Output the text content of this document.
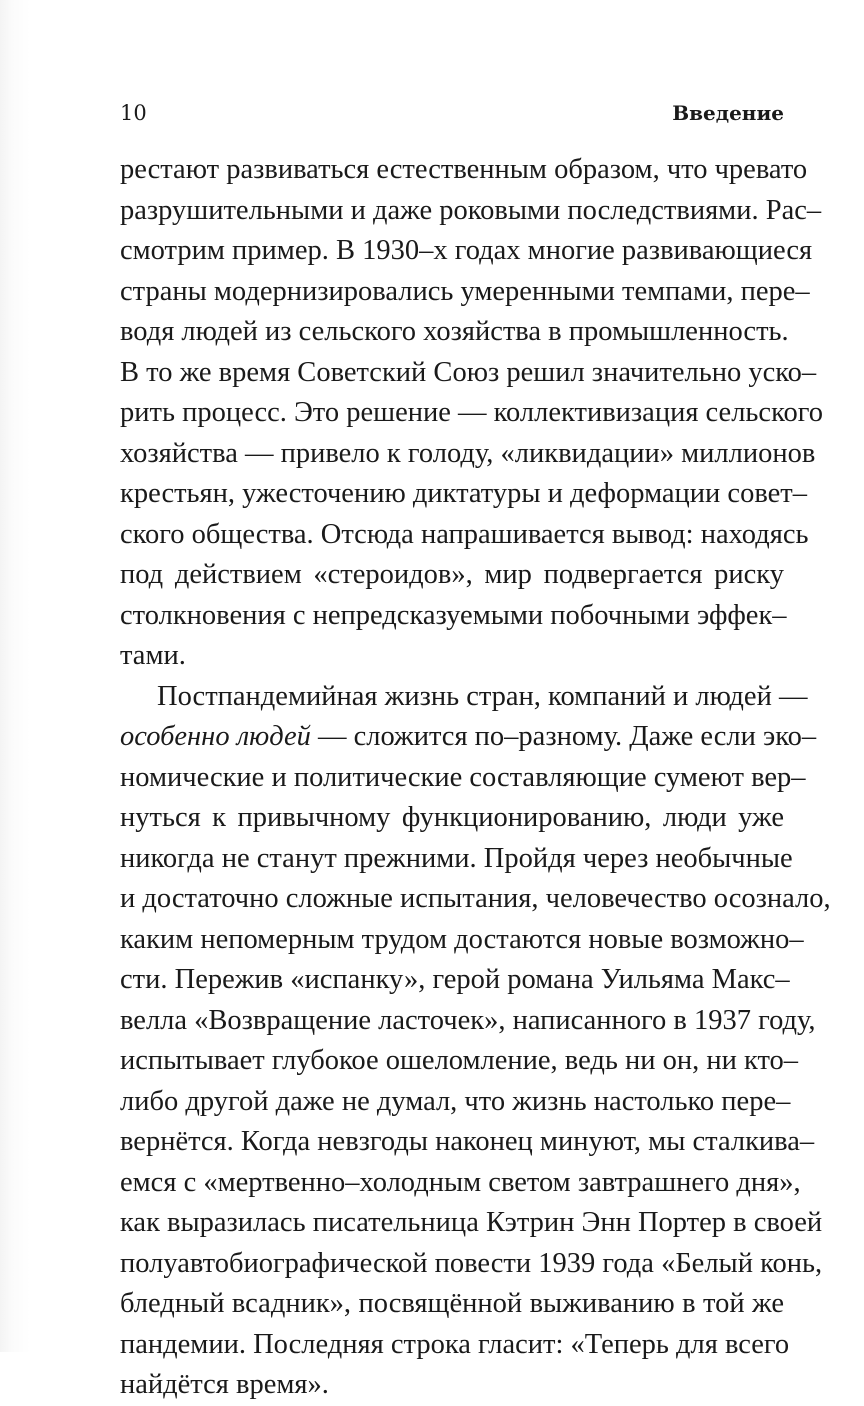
10	Введение
рестают развиваться естественным образом, что чревато
разрушительными и даже роковыми последствиями. Рас–
смотрим пример. В 1930–х годах многие развивающиеся
страны модернизировались умеренными темпами, пере–
водя людей из сельского хозяйства в промышленность.
В то же время Советский Союз решил значительно уско–
рить процесс. Это решение — коллективизация сельского
хозяйства — привело к голоду, «ликвидации» миллионов
крестьян, ужесточению диктатуры и деформации совет–
ского общества. Отсюда напрашивается вывод: находясь
под действием «стероидов», мир подвергается риску
столкновения с непредсказуемыми побочными эффек–
тами.
Постпандемийная жизнь стран, компаний и людей —
особенно людей — сложится по–разному. Даже если эко–
номические и политические составляющие сумеют вер–
нуться к привычному функционированию, люди уже
никогда не станут прежними. Пройдя через необычные
и достаточно сложные испытания, человечество осознало,
каким непомерным трудом достаются новые возможно–
сти. Пережив «испанку», герой романа Уильяма Макс–
велла «Возвращение ласточек», написанного в 1937 году,
испытывает глубокое ошеломление, ведь ни он, ни кто–
либо другой даже не думал, что жизнь настолько пере–
вернётся. Когда невзгоды наконец минуют, мы сталкива–
емся с «мертвенно–холодным светом завтрашнего дня»,
как выразилась писательница Кэтрин Энн Портер в своей
полуавтобиографической повести 1939 года «Белый конь,
бледный всадник», посвящённой выживанию в той же
пандемии. Последняя строка гласит: «Теперь для всего
найдётся время».
